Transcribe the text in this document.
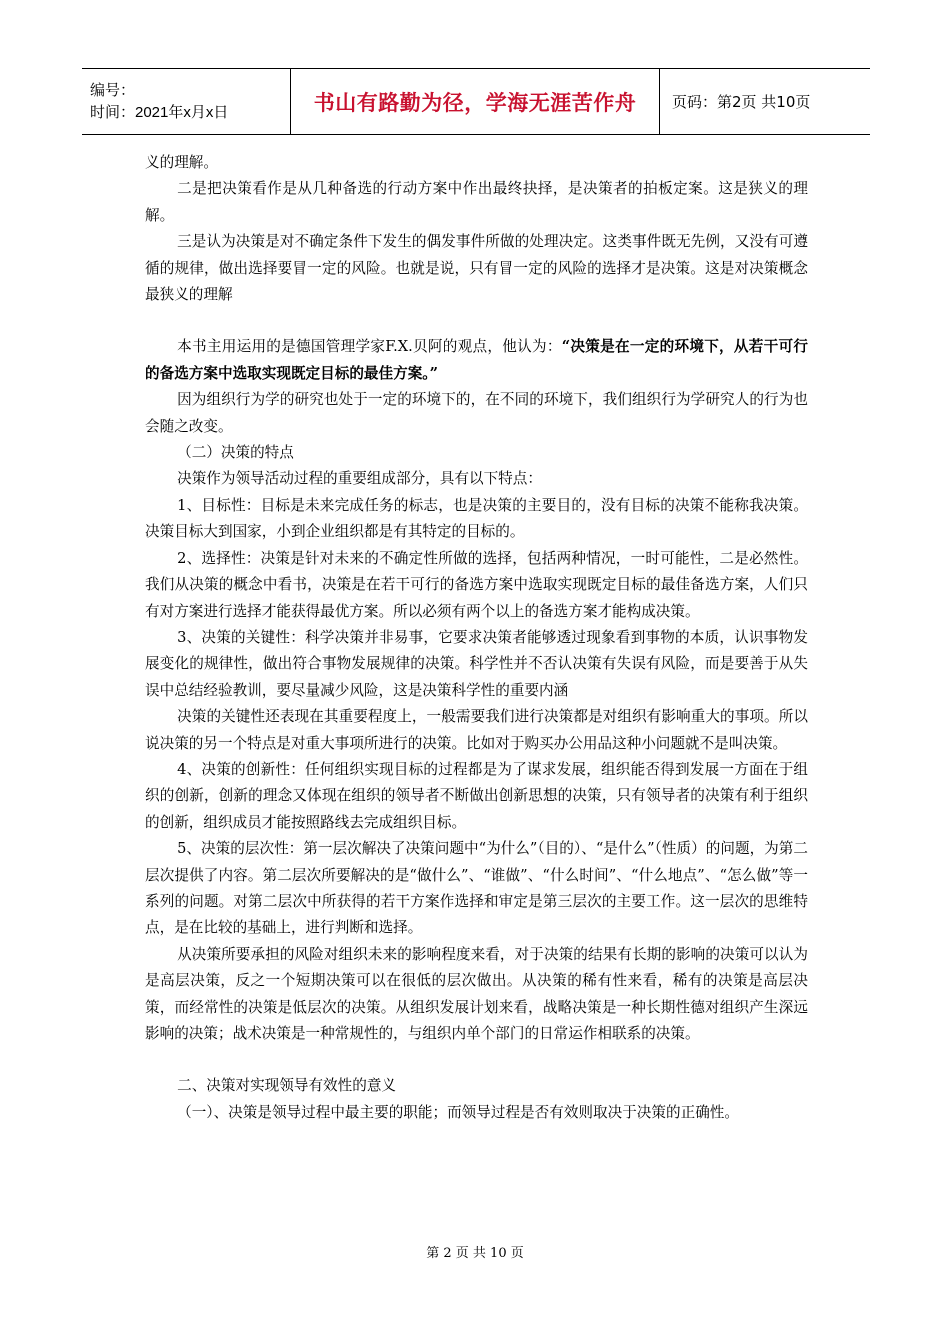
编号：
时间：2021年x月x日	书山有路勤为径，学海无涯苦作舟	页码：第2页 共10页

义的理解。

二是把决策看作是从几种备选的行动方案中作出最终抉择，是决策者的拍板定案。这是狭义的理解。

三是认为决策是对不确定条件下发生的偶发事件所做的处理决定。这类事件既无先例，又没有可遵循的规律，做出选择要冒一定的风险。也就是说，只有冒一定的风险的选择才是决策。这是对决策概念最狭义的理解

本书主用运用的是德国管理学家F.X.贝阿的观点，他认为：“决策是在一定的环境下，从若干可行的备选方案中选取实现既定目标的最佳方案。”

因为组织行为学的研究也处于一定的环境下的，在不同的环境下，我们组织行为学研究人的行为也会随之改变。

（二）决策的特点

决策作为领导活动过程的重要组成部分，具有以下特点：

1、目标性：目标是未来完成任务的标志，也是决策的主要目的，没有目标的决策不能称我决策。决策目标大到国家，小到企业组织都是有其特定的目标的。

2、选择性：决策是针对未来的不确定性所做的选择，包括两种情况，一时可能性，二是必然性。我们从决策的概念中看书，决策是在若干可行的备选方案中选取实现既定目标的最佳备选方案，人们只有对方案进行选择才能获得最优方案。所以必须有两个以上的备选方案才能构成决策。

3、决策的关键性：科学决策并非易事，它要求决策者能够透过现象看到事物的本质，认识事物发展变化的规律性，做出符合事物发展规律的决策。科学性并不否认决策有失误有风险，而是要善于从失误中总结经验教训，要尽量减少风险，这是决策科学性的重要内涵

决策的关键性还表现在其重要程度上，一般需要我们进行决策都是对组织有影响重大的事项。所以说决策的另一个特点是对重大事项所进行的决策。比如对于购买办公用品这种小问题就不是叫决策。

4、决策的创新性：任何组织实现目标的过程都是为了谋求发展，组织能否得到发展一方面在于组织的创新，创新的理念又体现在组织的领导者不断做出创新思想的决策，只有领导者的决策有利于组织的创新，组织成员才能按照路线去完成组织目标。

5、决策的层次性：第一层次解决了决策问题中“为什么”（目的）、“是什么”（性质）的问题，为第二层次提供了内容。第二层次所要解决的是“做什么”、“谁做”、“什么时间”、“什么地点”、“怎么做”等一系列的问题。对第二层次中所获得的若干方案作选择和审定是第三层次的主要工作。这一层次的思维特点，是在比较的基础上，进行判断和选择。

从决策所要承担的风险对组织未来的影响程度来看，对于决策的结果有长期的影响的决策可以认为是高层决策，反之一个短期决策可以在很低的层次做出。从决策的稀有性来看，稀有的决策是高层决策，而经常性的决策是低层次的决策。从组织发展计划来看，战略决策是一种长期性德对组织产生深远影响的决策；战术决策是一种常规性的，与组织内单个部门的日常运作相联系的决策。

二、决策对实现领导有效性的意义

（一）、决策是领导过程中最主要的职能；而领导过程是否有效则取决于决策的正确性。

第 2 页 共 10 页
